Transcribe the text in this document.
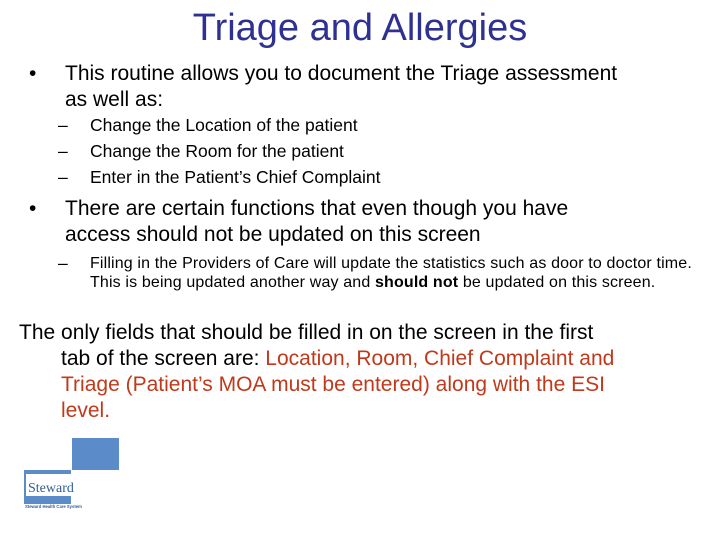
Triage and Allergies
• This routine allows you to document the Triage assessment
as well as:
– Change the Location of the patient
– Change the Room for the patient
– Enter in the Patient’s Chief Complaint
• There are certain functions that even though you have
access should not be updated on this screen
– Filling in the Providers of Care will update the statistics such as door to doctor time. This is being updated another way and should not be updated on this screen.
The only fields that should be filled in on the screen in the first

tab of the screen are: Location, Room, Chief Complaint and
Triage (Patient’s MOA must be entered) along with the ESI
level.
Steward
Steward Health Care System
